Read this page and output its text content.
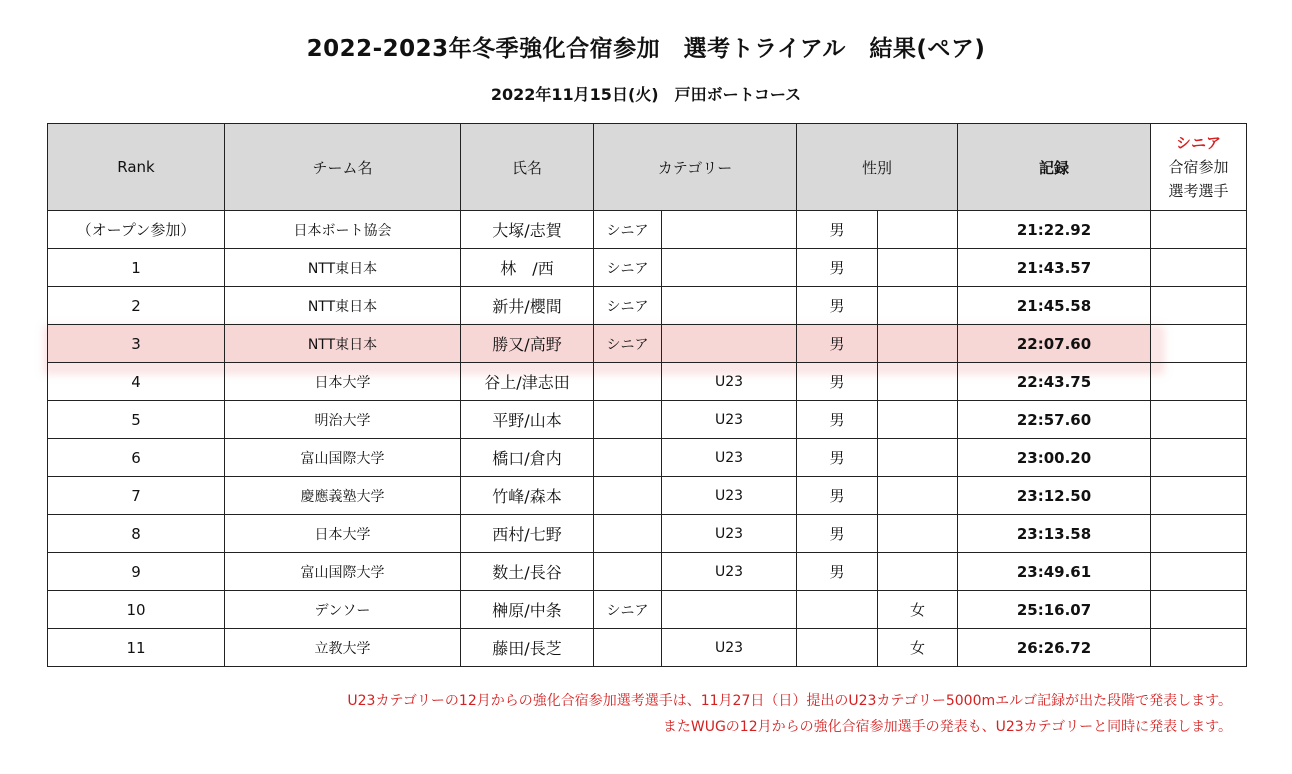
2022-2023年冬季強化合宿参加　選考トライアル　結果(ペア)
2022年11月15日(火)　戸田ボートコース
Rank	チーム名	氏名	カテゴリー		性別		記録	シニア
合宿参加
選考選手

（オープン参加）	日本ボート協会	大塚/志賀	シニア		男		21:22.92	
1	NTT東日本	林　/西	シニア		男		21:43.57	
2	NTT東日本	新井/櫻間	シニア		男		21:45.58	
3	NTT東日本	勝又/高野	シニア		男		22:07.60	
4	日本大学	谷上/津志田		U23	男		22:43.75	
5	明治大学	平野/山本		U23	男		22:57.60	
6	富山国際大学	橋口/倉内		U23	男		23:00.20	
7	慶應義塾大学	竹峰/森本		U23	男		23:12.50	
8	日本大学	西村/七野		U23	男		23:13.58	
9	富山国際大学	数土/長谷		U23	男		23:49.61	
10	デンソー	榊原/中条	シニア			女	25:16.07	
11	立教大学	藤田/長芝		U23		女	26:26.72	
U23カテゴリーの12月からの強化合宿参加選考選手は、11月27日（日）提出のU23カテゴリー5000mエルゴ記録が出た段階で発表します。
またWUGの12月からの強化合宿参加選手の発表も、U23カテゴリーと同時に発表します。
